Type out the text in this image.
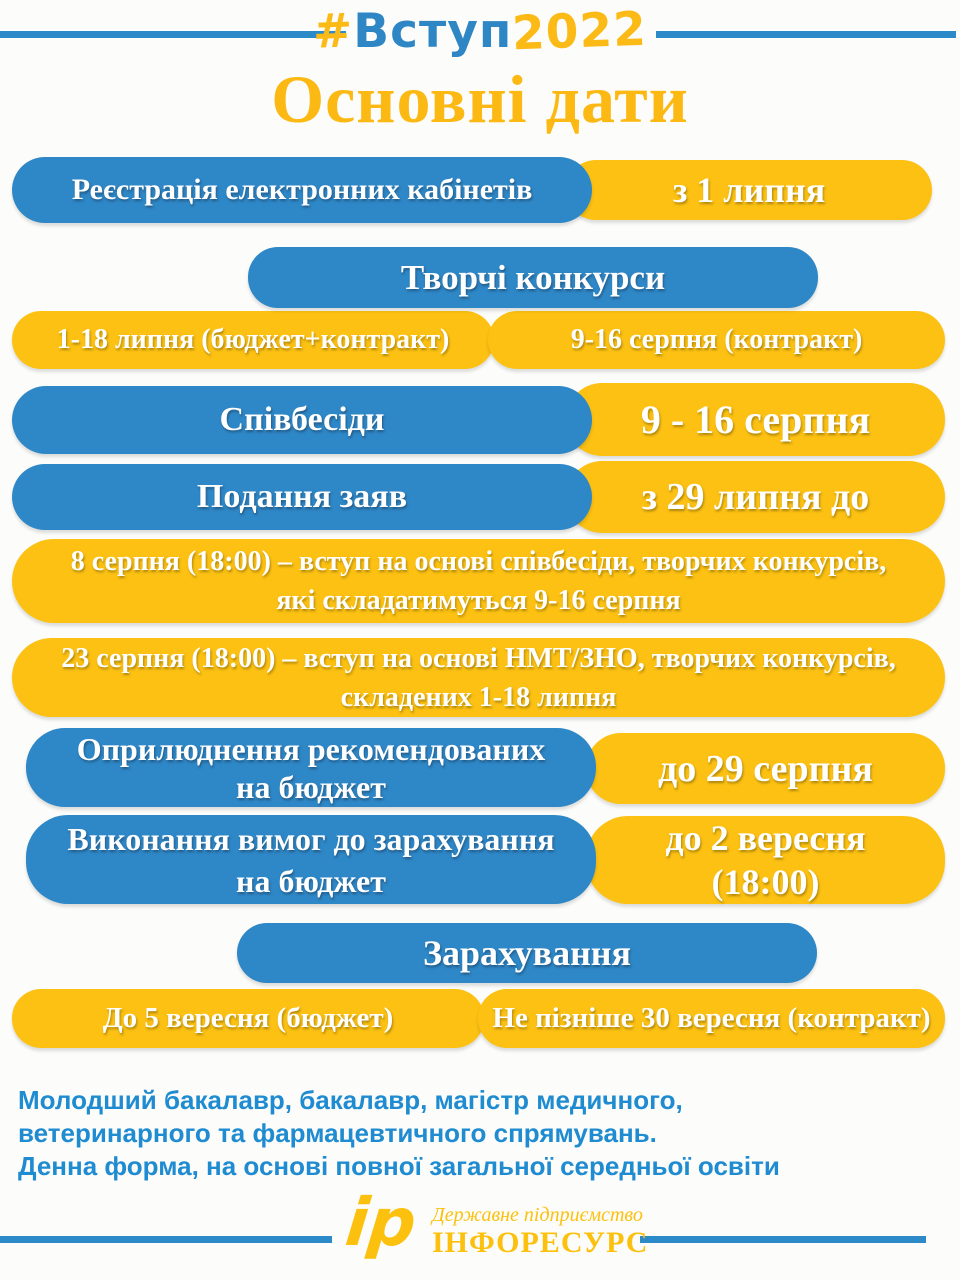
#Вступ2022
Основні дати
з 1 липня
Реєстрація електронних кабінетів
Творчі конкурси
1-18 липня (бюджет+контракт)	9-16 серпня (контракт)
9 - 16 серпня
Співбесіди
з 29 липня до
Подання заяв
8 серпня (18:00) – вступ на основі співбесіди, творчих конкурсів,
які складатимуться 9-16 серпня
23 серпня (18:00) – вступ на основі НМТ/ЗНО, творчих конкурсів,
складених 1-18 липня
до 29 серпня
Оприлюднення рекомендованих
на бюджет
до 2 вересня
(18:00)
Виконання вимог до зарахування
на бюджет
Зарахування
До 5 вересня (бюджет)	Не пізніше 30 вересня (контракт)
Молодший бакалавр, бакалавр, магістр медичного,
ветеринарного та фармацевтичного спрямувань.
Денна форма, на основі повної загальної середньої освіти
ір Державне підприємство
ІНФОРЕСУРС
